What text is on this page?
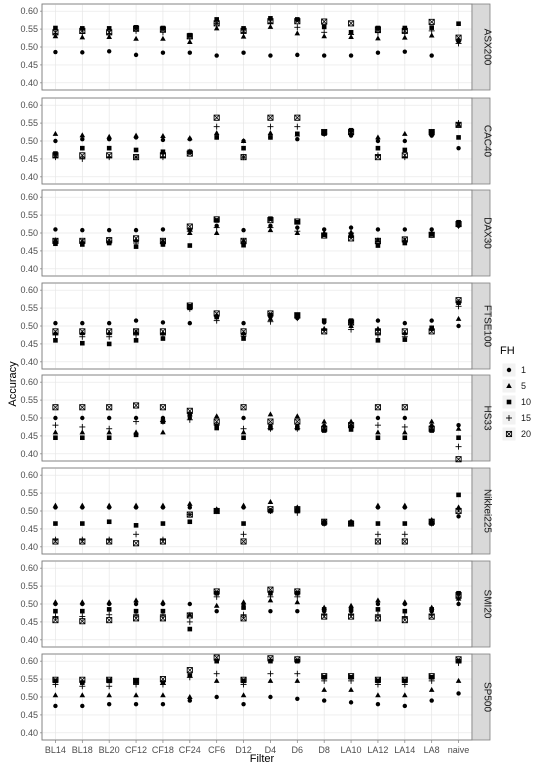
0.40
0.45
0.50
0.55
0.60
ASX200
0.40
0.45
0.50
0.55
0.60
CAC40
0.40
0.45
0.50
0.55
0.60
DAX30
0.40
0.45
0.50
0.55
0.60
FTSE100
0.40
0.45
0.50
0.55
0.60
HS33
0.40
0.45
0.50
0.55
0.60
Nikkei225
0.40
0.45
0.50
0.55
0.60
SMI20
0.40
0.45
0.50
0.55
0.60
SP500
BL14 BL18 BL20 CF12 CF18 CF24 CF6 D12 D4 D6 D8 LA10 LA12 LA14 LA8 naive
Filter
Accuracy
FH
1
5
10
15
20
